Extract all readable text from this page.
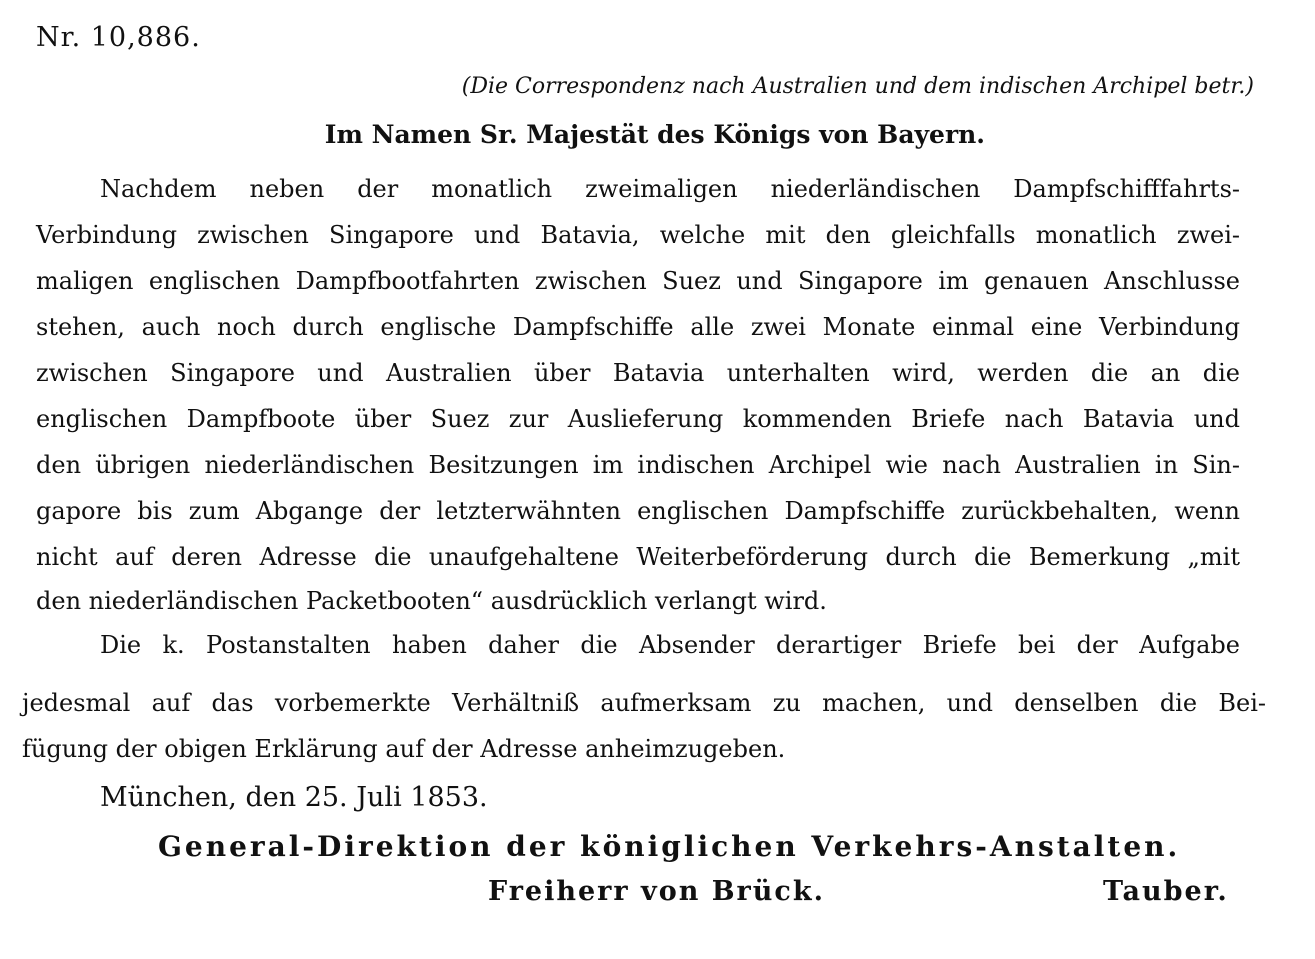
Nr. 10,886.
(Die Correspondenz nach Australien und dem indischen Archipel betr.)
Im Namen Sr. Majestät des Königs von Bayern.
Nachdem neben der monatlich zweimaligen niederländischen Dampfschifffahrts-
Verbindung zwischen Singapore und Batavia, welche mit den gleichfalls monatlich zwei-
maligen englischen Dampfbootfahrten zwischen Suez und Singapore im genauen Anschlusse
stehen, auch noch durch englische Dampfschiffe alle zwei Monate einmal eine Verbindung
zwischen Singapore und Australien über Batavia unterhalten wird, werden die an die
englischen Dampfboote über Suez zur Auslieferung kommenden Briefe nach Batavia und
den übrigen niederländischen Besitzungen im indischen Archipel wie nach Australien in Sin-
gapore bis zum Abgange der letzterwähnten englischen Dampfschiffe zurückbehalten, wenn
nicht auf deren Adresse die unaufgehaltene Weiterbeförderung durch die Bemerkung „mit
den niederländischen Packetbooten“ ausdrücklich verlangt wird.
Die k. Postanstalten haben daher die Absender derartiger Briefe bei der Aufgabe
jedesmal auf das vorbemerkte Verhältniß aufmerksam zu machen, und denselben die Bei-
fügung der obigen Erklärung auf der Adresse anheimzugeben.
München, den 25. Juli 1853.
General-Direktion der königlichen Verkehrs-Anstalten.
Freiherr von Brück.	Tauber.
